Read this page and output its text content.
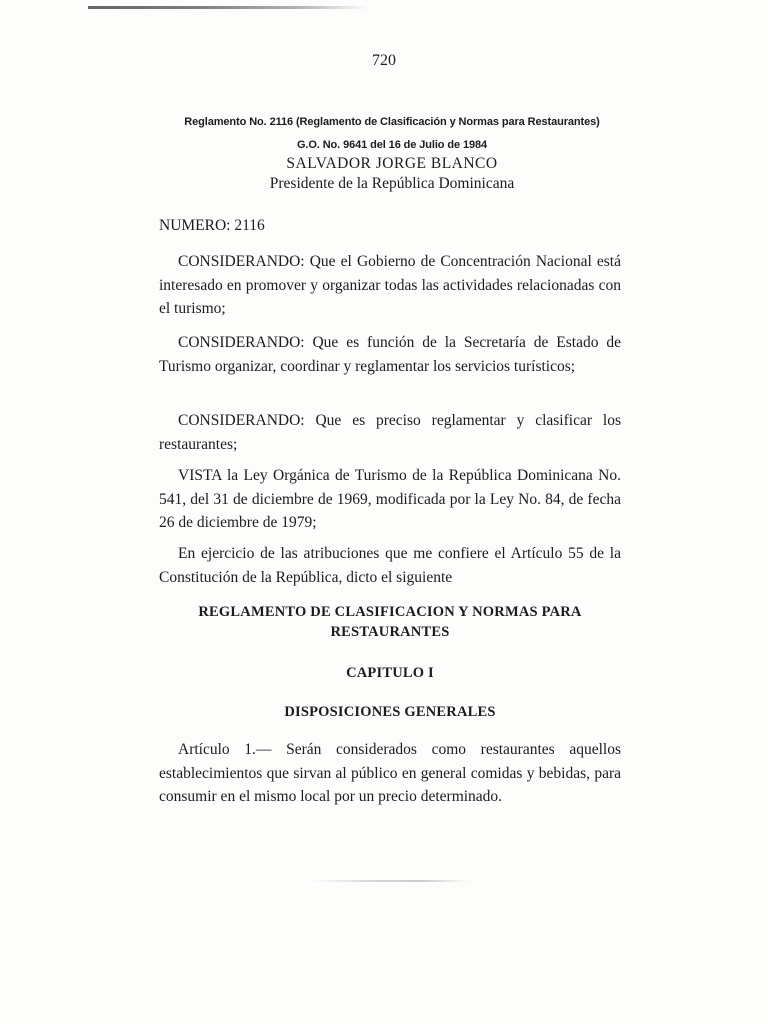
720
Reglamento No. 2116 (Reglamento de Clasificación y Normas para Restaurantes)
G.O. No. 9641 del 16 de Julio de 1984
SALVADOR JORGE BLANCO
Presidente de la República Dominicana

NUMERO: 2116

CONSIDERANDO: Que el Gobierno de Concentración Nacional está interesado en promover y organizar todas las actividades relacionadas con el turismo;

CONSIDERANDO: Que es función de la Secretaría de Estado de Turismo organizar, coordinar y reglamentar los servicios turísticos;

CONSIDERANDO: Que es preciso reglamentar y clasificar los restaurantes;

VISTA la Ley Orgánica de Turismo de la República Dominicana No. 541, del 31 de diciembre de 1969, modificada por la Ley No. 84, de fecha 26 de diciembre de 1979;

En ejercicio de las atribuciones que me confiere el Artículo 55 de la Constitución de la República, dicto el siguiente

REGLAMENTO DE CLASIFICACION Y NORMAS PARA
RESTAURANTES
CAPITULO I
DISPOSICIONES GENERALES

Artículo 1.— Serán considerados como restaurantes aquellos establecimientos que sirvan al público en general comidas y bebidas, para consumir en el mismo local por un precio determinado.
